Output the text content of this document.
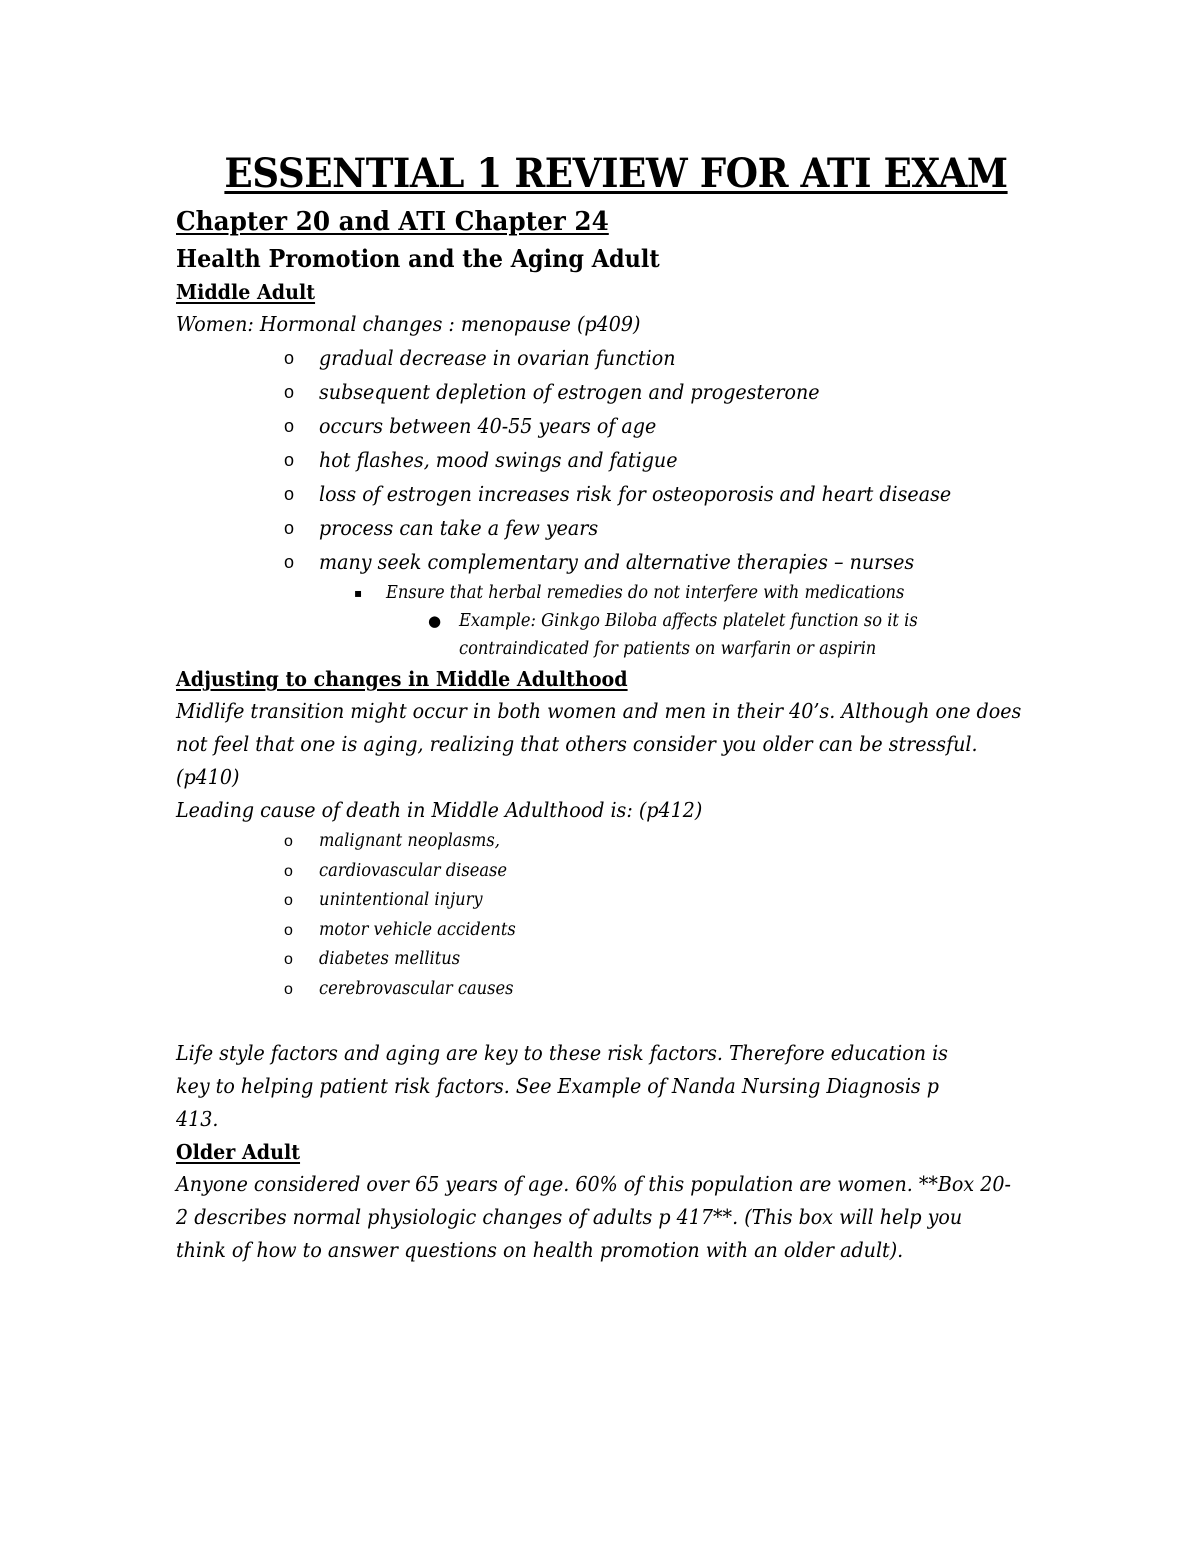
ESSENTIAL 1 REVIEW FOR ATI EXAM
Chapter 20 and ATI Chapter 24
Health Promotion and the Aging Adult
Middle Adult

Women: Hormonal changes : menopause (p409)

o gradual decrease in ovarian function
o subsequent depletion of estrogen and progesterone
o occurs between 40-55 years of age
o hot flashes, mood swings and fatigue
o loss of estrogen increases risk for osteoporosis and heart disease
o process can take a few years
o many seek complementary and alternative therapies – nurses
▪ Ensure that herbal remedies do not interfere with medications
● Example: Ginkgo Biloba affects platelet function so it is contraindicated for patients on warfarin or aspirin
Adjusting to changes in Middle Adulthood

Midlife transition might occur in both women and men in their 40’s. Although one does not feel that one is aging, realizing that others consider you older can be stressful. (p410)

Leading cause of death in Middle Adulthood is: (p412)

o malignant neoplasms,
o cardiovascular disease
o unintentional injury
o motor vehicle accidents
o diabetes mellitus
o cerebrovascular causes

Life style factors and aging are key to these risk factors. Therefore education is key to helping patient risk factors. See Example of Nanda Nursing Diagnosis p 413.

Older Adult

Anyone considered over 65 years of age. 60% of this population are women. **Box 20-2 describes normal physiologic changes of adults p 417**. (This box will help you think of how to answer questions on health promotion with an older adult).
